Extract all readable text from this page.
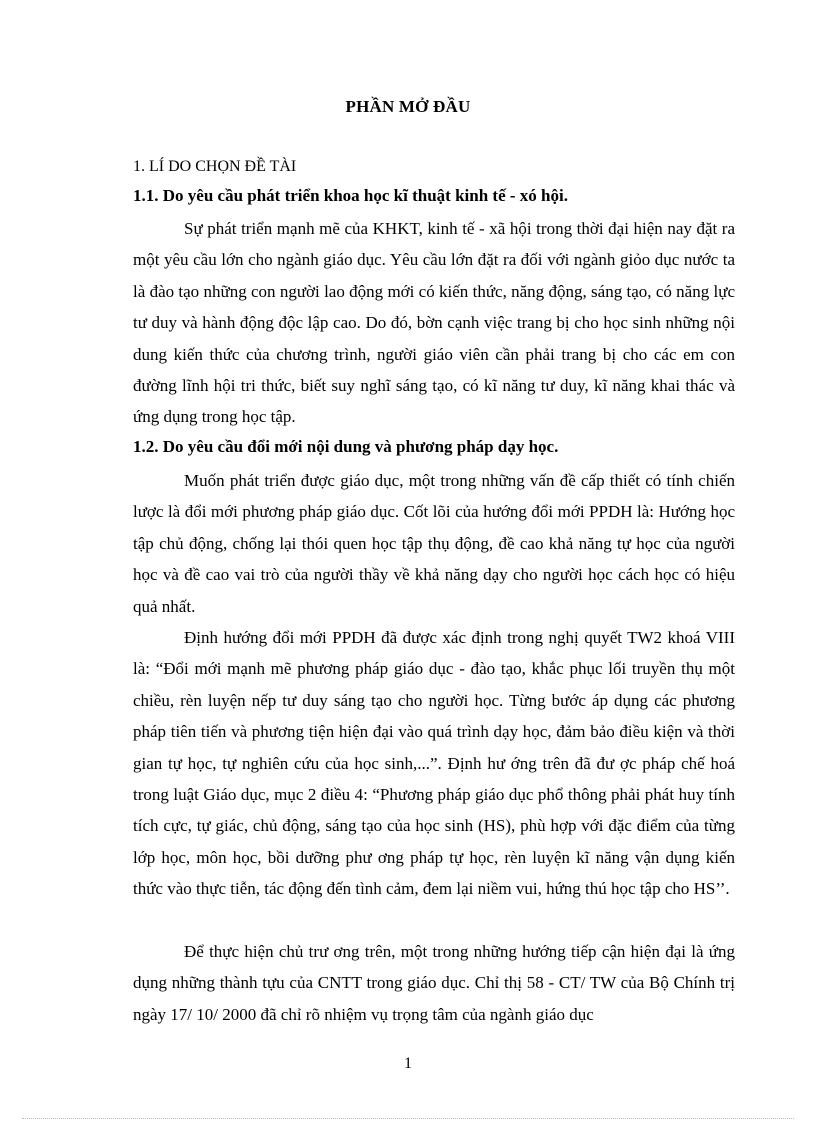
PHẦN MỞ ĐẦU
1. LÍ DO CHỌN ĐỀ TÀI
1.1. Do yêu cầu phát triển khoa học kĩ thuật kinh tế - xó hội.

Sự phát triển mạnh mẽ của KHKT, kinh tế - xã hội trong thời đại hiện nay đặt ra một yêu cầu lớn cho ngành giáo dục. Yêu cầu lớn đặt ra đối với ngành giỏo dục nước ta là đào tạo những con người lao động mới có kiến thức, năng động, sáng tạo, có năng lực tư duy và hành động độc lập cao. Do đó, bờn cạnh việc trang bị cho học sinh những nội dung kiến thức của chương trình, người giáo viên cần phải trang bị cho các em con đường lĩnh hội tri thức, biết suy nghĩ sáng tạo, có kĩ năng tư duy, kĩ năng khai thác và ứng dụng trong học tập.

1.2. Do yêu cầu đổi mới nội dung và phương pháp dạy học.

Muốn phát triển được giáo dục, một trong những vấn đề cấp thiết có tính chiến lược là đổi mới phương pháp giáo dục. Cốt lõi của hướng đổi mới PPDH là: Hướng học tập chủ động, chống lại thói quen học tập thụ động, đề cao khả năng tự học của người học và đề cao vai trò của người thầy về khả năng dạy cho người học cách học có hiệu quả nhất.

Định hướng đổi mới PPDH đã được xác định trong nghị quyết TW2 khoá VIII là: “Đổi mới mạnh mẽ phương pháp giáo dục - đào tạo, khắc phục lối truyền thụ một chiều, rèn luyện nếp tư duy sáng tạo cho người học. Từng bước áp dụng các phương pháp tiên tiến và phương tiện hiện đại vào quá trình dạy học, đảm bảo điều kiện và thời gian tự học, tự nghiên cứu của học sinh,...”. Định hư ớng trên đã đư ợc pháp chế hoá trong luật Giáo dục, mục 2 điều 4: “Phương pháp giáo dục phổ thông phải phát huy tính tích cực, tự giác, chủ động, sáng tạo của học sinh (HS), phù hợp với đặc điểm của từng lớp học, môn học, bồi dưỡng phư ơng pháp tự học, rèn luyện kĩ năng vận dụng kiến thức vào thực tiễn, tác động đến tình cảm, đem lại niềm vui, hứng thú học tập cho HS’’.

Để thực hiện chủ trư ơng trên, một trong những hướng tiếp cận hiện đại là ứng dụng những thành tựu của CNTT trong giáo dục. Chỉ thị 58 - CT/ TW của Bộ Chính trị ngày 17/ 10/ 2000 đã chỉ rõ nhiệm vụ trọng tâm của ngành giáo dục

1
